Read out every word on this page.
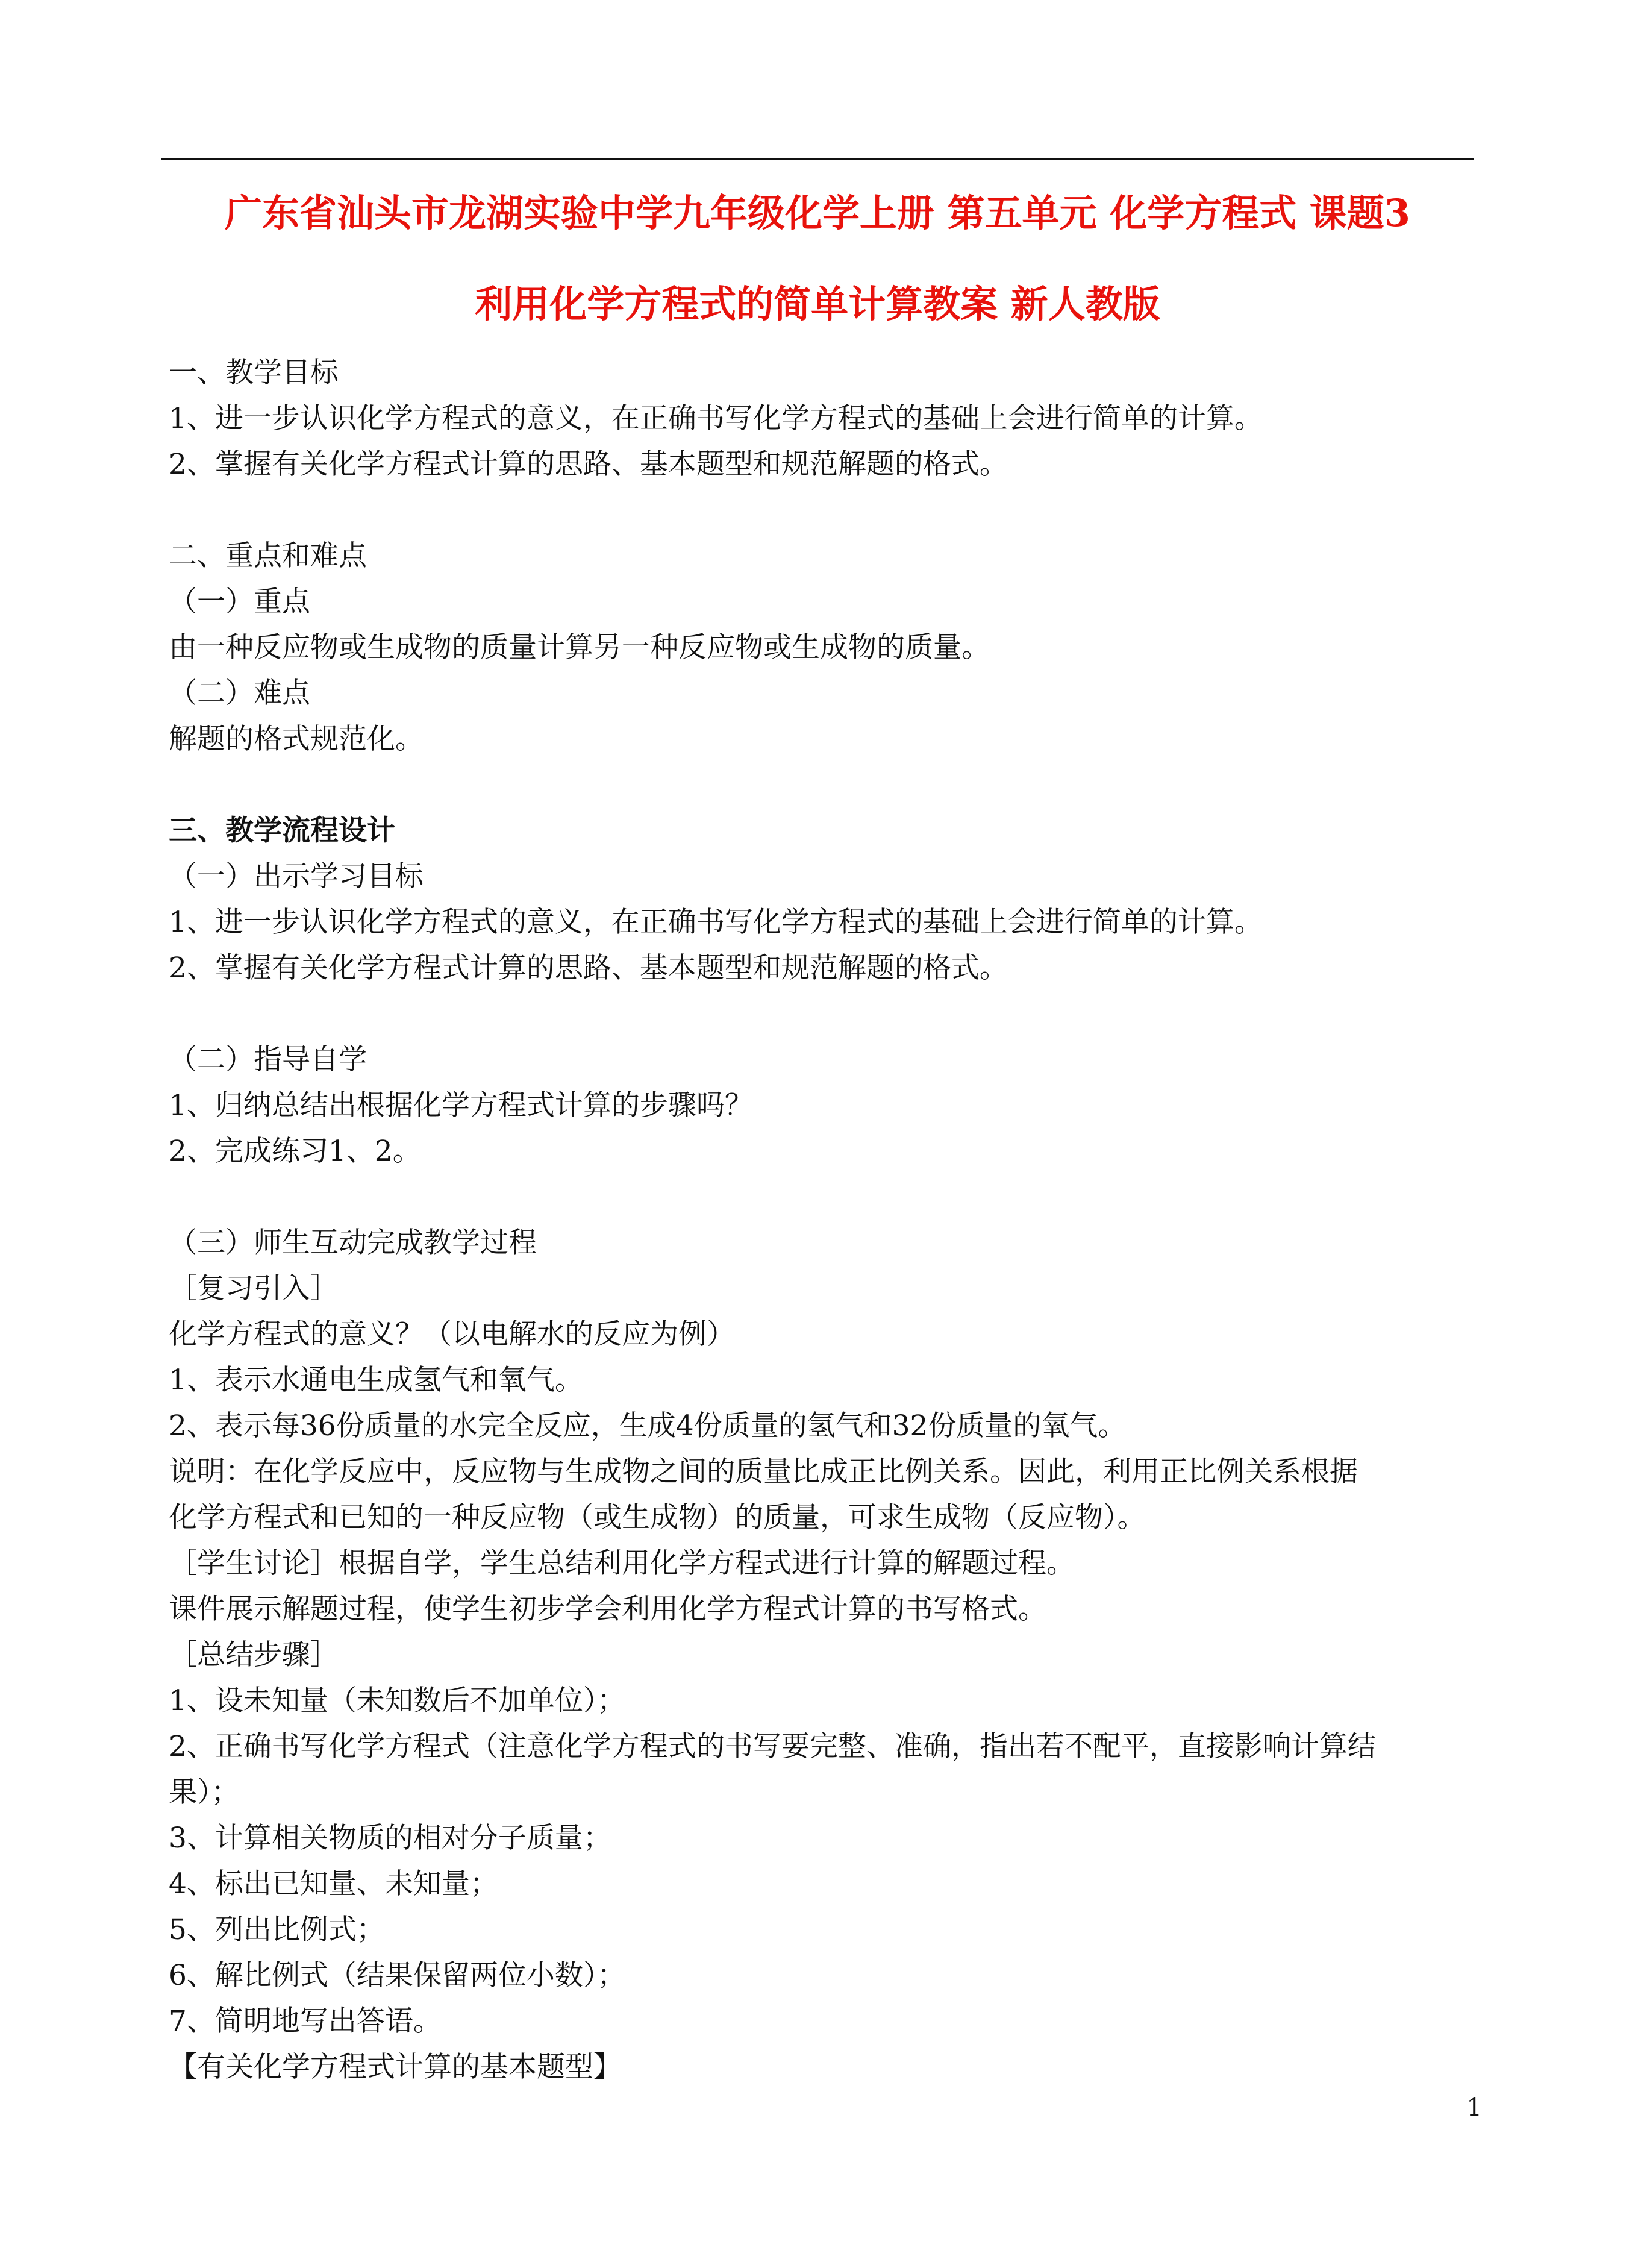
广东省汕头市龙湖实验中学九年级化学上册 第五单元 化学方程式 课题3
利用化学方程式的简单计算教案 新人教版
一、教学目标
1、进一步认识化学方程式的意义，在正确书写化学方程式的基础上会进行简单的计算。
2、掌握有关化学方程式计算的思路、基本题型和规范解题的格式。
二、重点和难点
（一）重点
由一种反应物或生成物的质量计算另一种反应物或生成物的质量。
（二）难点
解题的格式规范化。
三、教学流程设计
（一）出示学习目标
1、进一步认识化学方程式的意义，在正确书写化学方程式的基础上会进行简单的计算。
2、掌握有关化学方程式计算的思路、基本题型和规范解题的格式。
（二）指导自学
1、归纳总结出根据化学方程式计算的步骤吗？
2、完成练习1、2。
（三）师生互动完成教学过程
［复习引入］
化学方程式的意义？（以电解水的反应为例）
1、表示水通电生成氢气和氧气。
2、表示每36份质量的水完全反应，生成4份质量的氢气和32份质量的氧气。
说明：在化学反应中，反应物与生成物之间的质量比成正比例关系。因此，利用正比例关系根据
化学方程式和已知的一种反应物（或生成物）的质量，可求生成物（反应物）。
［学生讨论］根据自学，学生总结利用化学方程式进行计算的解题过程。
课件展示解题过程，使学生初步学会利用化学方程式计算的书写格式。
［总结步骤］
1、设未知量（未知数后不加单位）；
2、正确书写化学方程式（注意化学方程式的书写要完整、准确，指出若不配平，直接影响计算结
果）；
3、计算相关物质的相对分子质量；
4、标出已知量、未知量；
5、列出比例式；
6、解比例式（结果保留两位小数）；
7、简明地写出答语。
【有关化学方程式计算的基本题型】
1
